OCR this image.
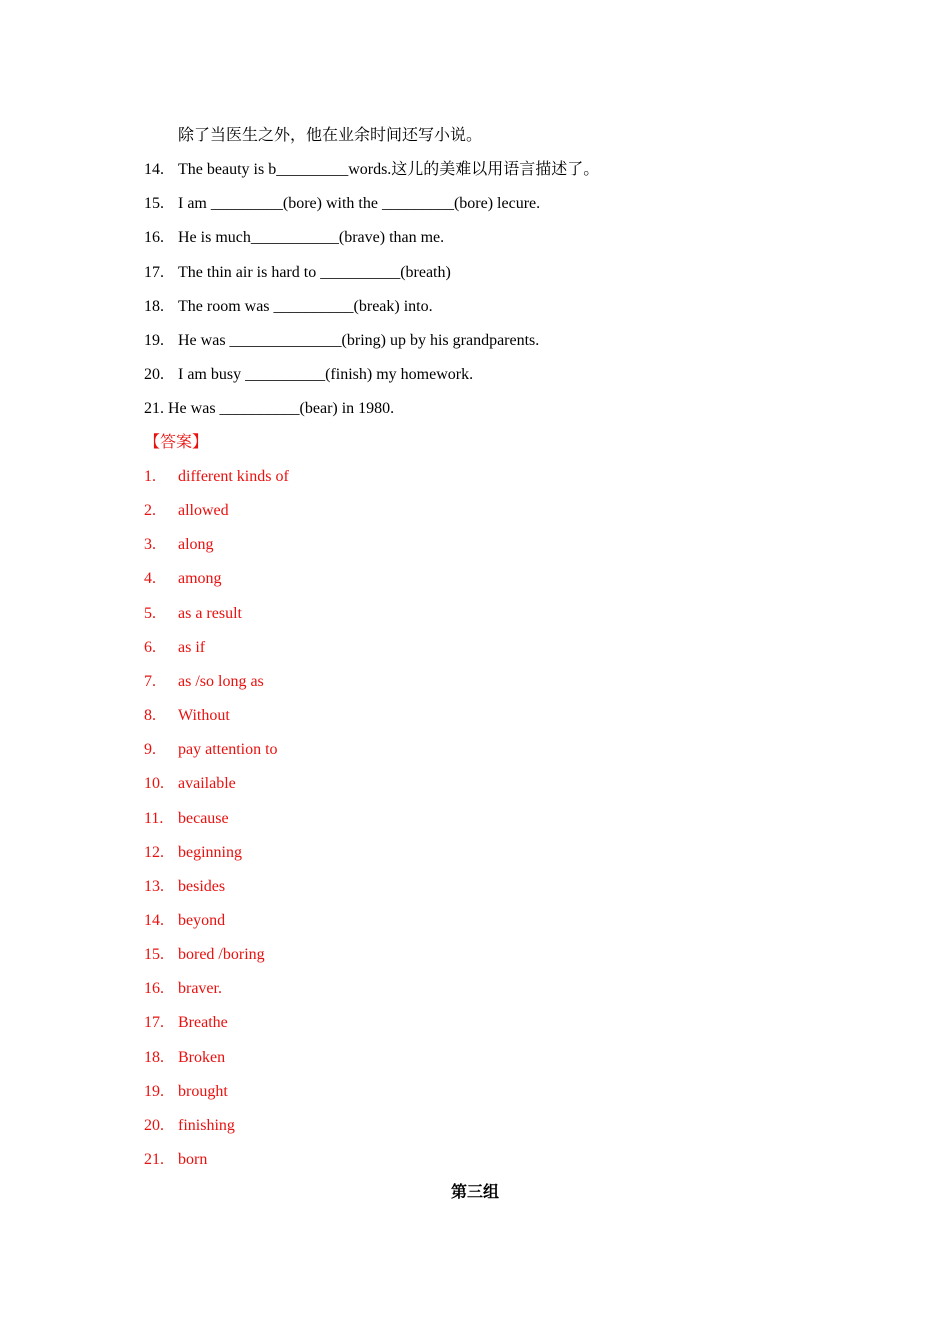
除了当医生之外，他在业余时间还写小说。
14. The beauty is b_________words.这儿的美难以用语言描述了。
15. I am _________(bore) with the _________(bore) lecure.
16. He is much___________(brave) than me.
17. The thin air is hard to __________(breath)
18. The room was __________(break) into.
19. He was ______________(bring) up by his grandparents.
20. I am busy __________(finish) my homework.
21. He was __________(bear) in 1980.
【答案】
1. different kinds of
2. allowed
3. along
4. among
5. as a result
6. as if
7. as /so long as
8. Without
9. pay attention to
10. available
11. because
12. beginning
13. besides
14. beyond
15. bored /boring
16. braver.
17. Breathe
18. Broken
19. brought
20. finishing
21. born
第三组
